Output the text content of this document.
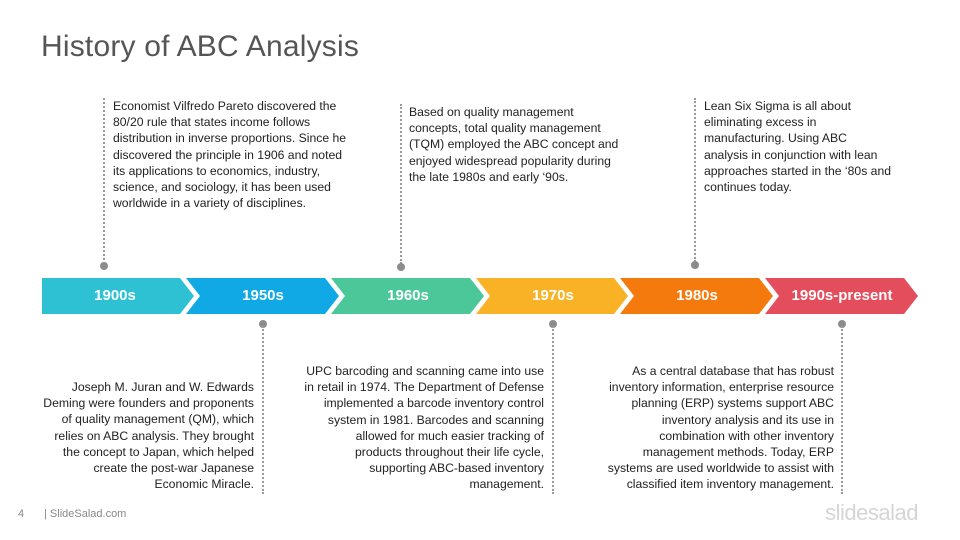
History of ABC Analysis
1900s	1950s	1960s	1970s	1980s	1990s-present
Economist Vilfredo Pareto discovered the
80/20 rule that states income follows
distribution in inverse proportions. Since he
discovered the principle in 1906 and noted
its applications to economics, industry,
science, and sociology, it has been used
worldwide in a variety of disciplines.
Based on quality management
concepts, total quality management
(TQM) employed the ABC concept and
enjoyed widespread popularity during
the late 1980s and early ‘90s.
Lean Six Sigma is all about
eliminating excess in
manufacturing. Using ABC
analysis in conjunction with lean
approaches started in the ‘80s and
continues today.
Joseph M. Juran and W. Edwards
Deming were founders and proponents
of quality management (QM), which
relies on ABC analysis. They brought
the concept to Japan, which helped
create the post-war Japanese
Economic Miracle.
UPC barcoding and scanning came into use
in retail in 1974. The Department of Defense
implemented a barcode inventory control
system in 1981. Barcodes and scanning
allowed for much easier tracking of
products throughout their life cycle,
supporting ABC-based inventory
management.
As a central database that has robust
inventory information, enterprise resource
planning (ERP) systems support ABC
inventory analysis and its use in
combination with other inventory
management methods. Today, ERP
systems are used worldwide to assist with
classified item inventory management.
4 | SlideSalad.com	slidesalad
